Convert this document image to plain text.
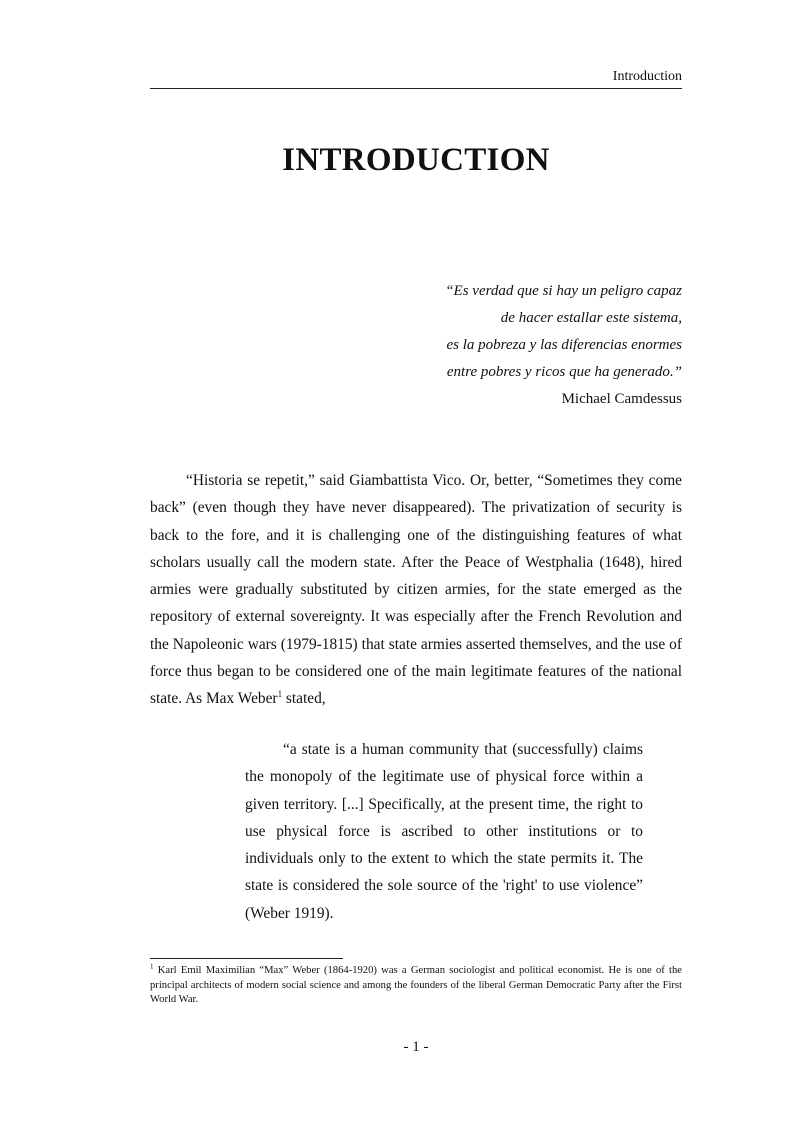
Introduction
INTRODUCTION
“Es verdad que si hay un peligro capaz
de hacer estallar este sistema,
es la pobreza y las diferencias enormes
entre pobres y ricos que ha generado.”
Michael Camdessus

“Historia se repetit,” said Giambattista Vico. Or, better, “Sometimes they come back” (even though they have never disappeared). The privatization of security is back to the fore, and it is challenging one of the distinguishing features of what scholars usually call the modern state. After the Peace of Westphalia (1648), hired armies were gradually substituted by citizen armies, for the state emerged as the repository of external sovereignty. It was especially after the French Revolution and the Napoleonic wars (1979-1815) that state armies asserted themselves, and the use of force thus began to be considered one of the main legitimate features of the national state. As Max Weber$^1$ stated,

“a state is a human community that (successfully) claims the monopoly of the legitimate use of physical force within a given territory. [...] Specifically, at the present time, the right to use physical force is ascribed to other institutions or to individuals only to the extent to which the state permits it. The state is considered the sole source of the 'right' to use violence” (Weber 1919).

$^1$ Karl Emil Maximilian “Max” Weber (1864-1920) was a German sociologist and political economist. He is one of the principal architects of modern social science and among the founders of the liberal German Democratic Party after the First World War.

- 1 -
